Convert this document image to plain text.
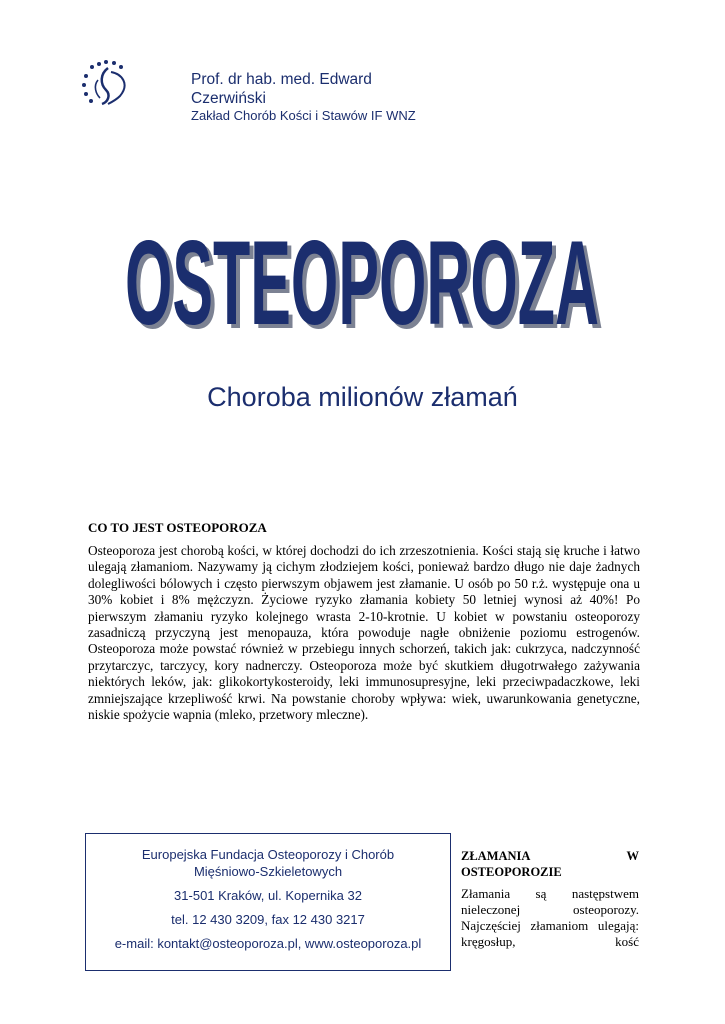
Prof. dr hab. med. Edward
Czerwiński
Zakład Chorób Kości i Stawów IF WNZ
OSTEOPOROZA
OSTEOPOROZA
Choroba milionów złamań
CO TO JEST OSTEOPOROZA

Osteoporoza jest chorobą kości, w której dochodzi do ich zrzeszotnienia. Kości stają się kruche i łatwo ulegają złamaniom. Nazywamy ją cichym złodziejem kości, ponieważ bardzo długo nie daje żadnych dolegliwości bólowych i często pierwszym objawem jest złamanie. U osób po 50 r.ż. występuje ona u 30% kobiet i 8% mężczyzn. Życiowe ryzyko złamania kobiety 50 letniej wynosi aż 40%! Po pierwszym złamaniu ryzyko kolejnego wrasta 2-10-krotnie. U kobiet w powstaniu osteoporozy zasadniczą przyczyną jest menopauza, która powoduje nagłe obniżenie poziomu estrogenów. Osteoporoza może powstać również w przebiegu innych schorzeń, takich jak: cukrzyca, nadczynność przytarczyc, tarczycy, kory nadnerczy. Osteoporoza może być skutkiem długotrwałego zażywania niektórych leków, jak: glikokortykosteroidy, leki immunosupresyjne, leki przeciwpadaczkowe, leki zmniejszające krzepliwość krwi. Na powstanie choroby wpływa: wiek, uwarunkowania genetyczne, niskie spożycie wapnia (mleko, przetwory mleczne).

Europejska Fundacja Osteoporozy i Chorób
Mięśniowo-Szkieletowych
31-501 Kraków, ul. Kopernika 32
tel. 12 430 3209, fax 12 430 3217
e-mail: kontakt@osteoporoza.pl, www.osteoporoza.pl
ZŁAMANIA W OSTEOPOROZIE

Złamania są następstwem nieleczonej osteoporozy. Najczęściej złamaniom ulegają: kręgosłup, kość
